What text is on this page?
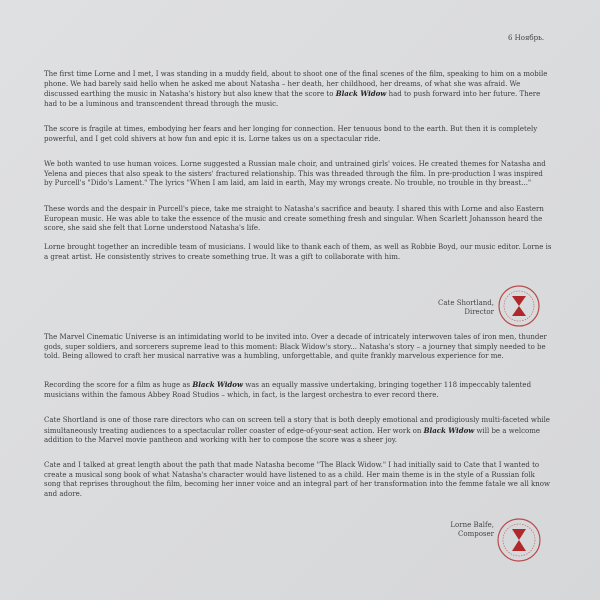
6 Ноябрь.

The first time Lorne and I met, I was standing in a muddy field, about to shoot one of the final scenes of the film, speaking to him on a mobile phone. We had barely said hello when he asked me about Natasha – her death, her childhood, her dreams, of what she was afraid. We discussed earthing the music in Natasha's history but also knew that the score to Black Widow had to push forward into her future. There had to be a luminous and transcendent thread through the music.

The score is fragile at times, embodying her fears and her longing for connection. Her tenuous bond to the earth. But then it is completely powerful, and I get cold shivers at how fun and epic it is. Lorne takes us on a spectacular ride.

We both wanted to use human voices. Lorne suggested a Russian male choir, and untrained girls' voices. He created themes for Natasha and Yelena and pieces that also speak to the sisters' fractured relationship. This was threaded through the film. In pre-production I was inspired by Purcell's "Dido's Lament." The lyrics "When I am laid, am laid in earth, May my wrongs create. No trouble, no trouble in thy breast..."

These words and the despair in Purcell's piece, take me straight to Natasha's sacrifice and beauty. I shared this with Lorne and also Eastern European music. He was able to take the essence of the music and create something fresh and singular. When Scarlett Johansson heard the score, she said she felt that Lorne understood Natasha's life.

Lorne brought together an incredible team of musicians. I would like to thank each of them, as well as Robbie Boyd, our music editor. Lorne is a great artist. He consistently strives to create something true. It was a gift to collaborate with him.

Cate Shortland,
Director

The Marvel Cinematic Universe is an intimidating world to be invited into. Over a decade of intricately interwoven tales of iron men, thunder gods, super soldiers, and sorcerers supreme lead to this moment: Black Widow's story... Natasha's story – a journey that simply needed to be told. Being allowed to craft her musical narrative was a humbling, unforgettable, and quite frankly marvelous experience for me.

Recording the score for a film as huge as Black Widow was an equally massive undertaking, bringing together 118 impeccably talented musicians within the famous Abbey Road Studios – which, in fact, is the largest orchestra to ever record there.

Cate Shortland is one of those rare directors who can on screen tell a story that is both deeply emotional and prodigiously multi-faceted while simultaneously treating audiences to a spectacular roller coaster of edge-of-your-seat action. Her work on Black Widow will be a welcome addition to the Marvel movie pantheon and working with her to compose the score was a sheer joy.

Cate and I talked at great length about the path that made Natasha become "The Black Widow." I had initially said to Cate that I wanted to create a musical song book of what Natasha's character would have listened to as a child. Her main theme is in the style of a Russian folk song that reprises throughout the film, becoming her inner voice and an integral part of her transformation into the femme fatale we all know and adore.

Lorne Balfe,
Composer
